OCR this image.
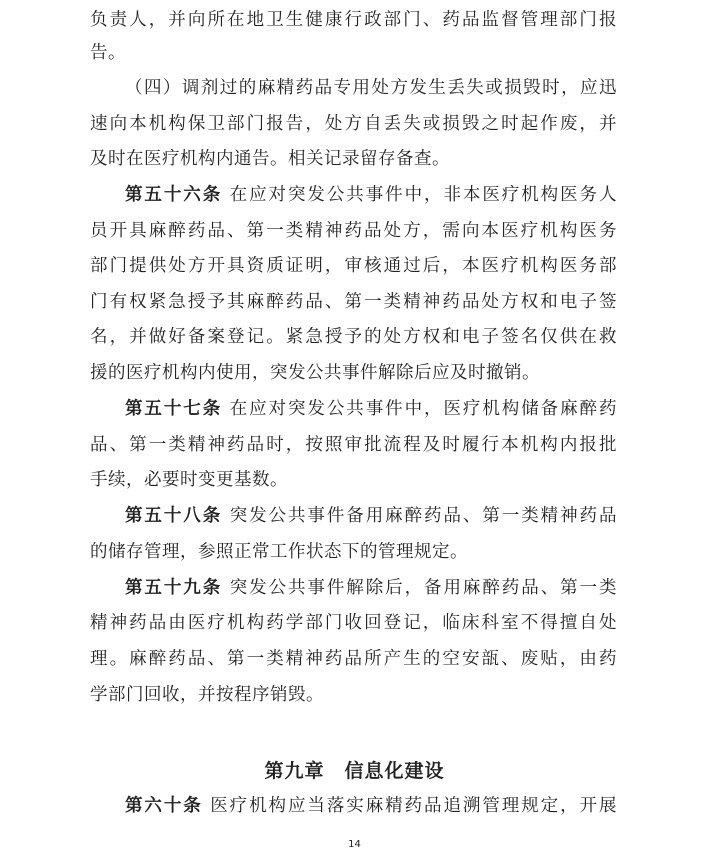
负责人，并向所在地卫生健康行政部门、药品监督管理部门报
告。
（四）调剂过的麻精药品专用处方发生丢失或损毁时，应迅
速向本机构保卫部门报告，处方自丢失或损毁之时起作废，并
及时在医疗机构内通告。相关记录留存备查。
第五十六条 在应对突发公共事件中，非本医疗机构医务人
员开具麻醉药品、第一类精神药品处方，需向本医疗机构医务
部门提供处方开具资质证明，审核通过后，本医疗机构医务部
门有权紧急授予其麻醉药品、第一类精神药品处方权和电子签
名，并做好备案登记。紧急授予的处方权和电子签名仅供在救
援的医疗机构内使用，突发公共事件解除后应及时撤销。
第五十七条 在应对突发公共事件中，医疗机构储备麻醉药
品、第一类精神药品时，按照审批流程及时履行本机构内报批
手续，必要时变更基数。
第五十八条 突发公共事件备用麻醉药品、第一类精神药品
的储存管理，参照正常工作状态下的管理规定。
第五十九条 突发公共事件解除后，备用麻醉药品、第一类
精神药品由医疗机构药学部门收回登记，临床科室不得擅自处
理。麻醉药品、第一类精神药品所产生的空安瓿、废贴，由药
学部门回收，并按程序销毁。
第九章　信息化建设
第六十条 医疗机构应当落实麻精药品追溯管理规定，开展
14
